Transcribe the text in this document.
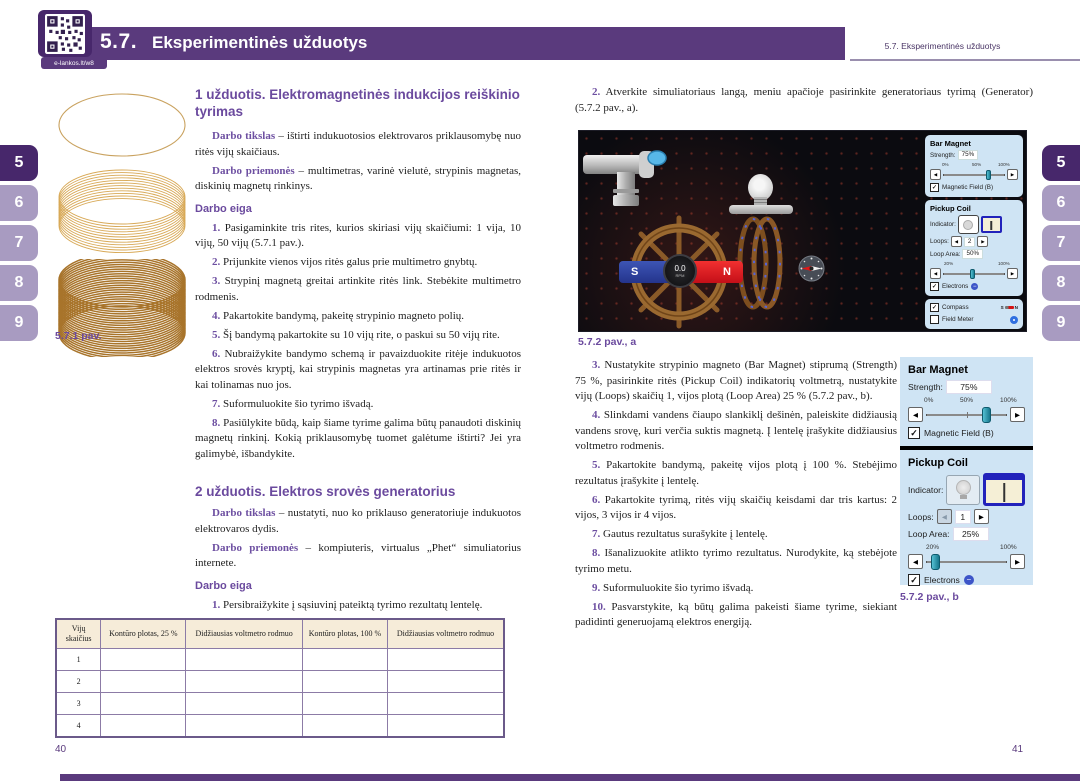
e-lankos.lt/w8
5.7. Eksperimentinės užduotys	5.7. Eksperimentinės užduotys
5
6
7
8
9
5
6
7
8
9
5.7.1 pav.
1 užduotis. Elektromagnetinės indukcijos reiškinio tyrimas

Darbo tikslas – ištirti indukuotosios elektrovaros priklausomybę nuo ritės vijų skaičiaus.

Darbo priemonės – multimetras, varinė vielutė, strypinis magnetas, diskinių magnetų rinkinys.

Darbo eiga

1. Pasigaminkite tris rites, kurios skiriasi vijų skaičiumi: 1 vija, 10 vijų, 50 vijų (5.7.1 pav.).

2. Prijunkite vienos vijos ritės galus prie multimetro gnybtų.

3. Strypinį magnetą greitai artinkite ritės link. Stebėkite multimetro rodmenis.

4. Pakartokite bandymą, pakeitę strypinio magneto polių.

5. Šį bandymą pakartokite su 10 vijų rite, o paskui su 50 vijų rite.

6. Nubraižykite bandymo schemą ir pavaizduokite ritėje indukuotos elektros srovės kryptį, kai strypinis magnetas yra artinamas prie ritės ir kai tolinamas nuo jos.

7. Suformuluokite šio tyrimo išvadą.

8. Pasiūlykite būdą, kaip šiame tyrime galima būtų panaudoti diskinių magnetų rinkinį. Kokią priklausomybę tuomet galėtume ištirti? Jei yra galimybė, išbandykite.

2 užduotis. Elektros srovės generatorius

Darbo tikslas – nustatyti, nuo ko priklauso generatoriuje indukuotos elektrovaros dydis.

Darbo priemonės – kompiuteris, virtualus „Phet“ simuliatorius internete.

Darbo eiga

1. Persibraižykite į sąsiuvinį pateiktą tyrimo rezultatų lentelę.

Vijų skaičius	Kontūro plotas, 25 %	Didžiausias voltmetro rodmuo	Kontūro plotas, 100 %	Didžiausias voltmetro rodmuo
1				
2				
3				
4				

2. Atverkite simuliatoriaus langą, meniu apačioje pasirinkite generatoriaus tyrimą (Generator) (5.7.2 pav., a).

S	N
0.0
RPM
Bar Magnet
Strength: 75%
0%	50%	100%
◀	▶
✓ Magnetic Field (B)
Pickup Coil
Indicator:
Loops:	◀	2	▶
Loop Area: 50%
20%	100%
◀	▶
✓ Electrons −
✓ Compass	S N
Field Meter
5.7.2 pav., a

3. Nustatykite strypinio magneto (Bar Magnet) stiprumą (Strength) 75 %, pasirinkite ritės (Pickup Coil) indikatorių voltmetrą, nustatykite vijų (Loops) skaičių 1, vijos plotą (Loop Area) 25 % (5.7.2 pav., b).

4. Slinkdami vandens čiaupo slankiklį dešinėn, paleiskite didžiausią vandens srovę, kuri verčia suktis magnetą. Į lentelę įrašykite didžiausius voltmetro rodmenis.

5. Pakartokite bandymą, pakeitę vijos plotą į 100 %. Stebėjimo rezultatus įrašykite į lentelę.

6. Pakartokite tyrimą, ritės vijų skaičių keisdami dar tris kartus: 2 vijos, 3 vijos ir 4 vijos.

7. Gautus rezultatus surašykite į lentelę.

8. Išanalizuokite atlikto tyrimo rezultatus. Nurodykite, ką stebėjote tyrimo metu.

9. Suformuluokite šio tyrimo išvadą.

10. Pasvarstykite, ką būtų galima pakeisti šiame tyrime, siekiant padidinti generuojamą elektros energiją.

Bar Magnet
Strength:	75%
0%	50%	100%
◀	▶
✓ Magnetic Field (B)
Pickup Coil
Indicator:
Loops:	◀	1	▶
Loop Area:	25%
20%	100%
◀	▶
✓ Electrons −
5.7.2 pav., b
40	41
